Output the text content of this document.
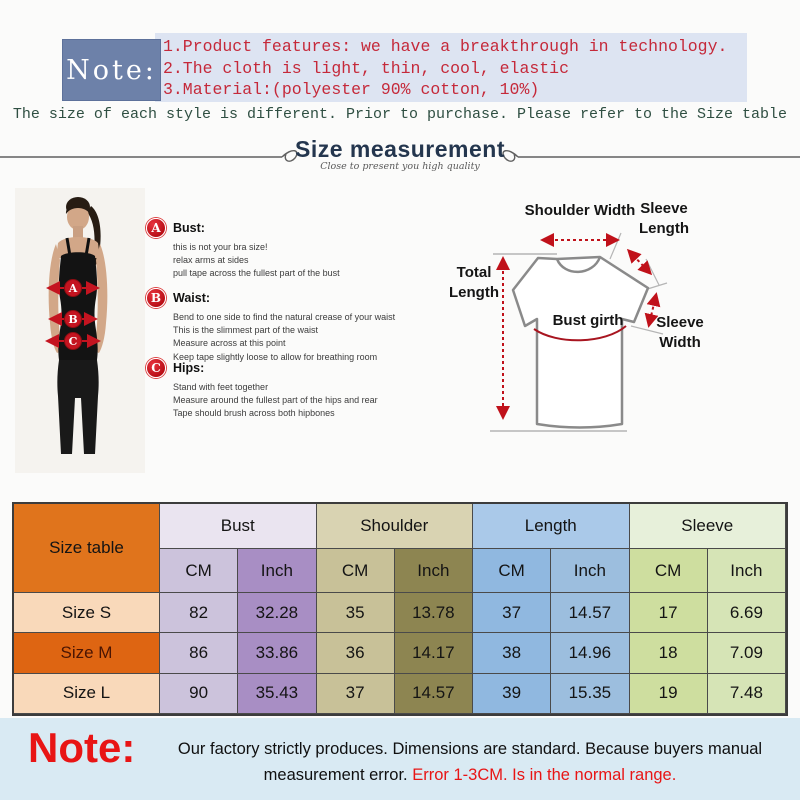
Note:
1.Product features: we have a breakthrough in technology.
2.The cloth is light, thin, cool, elastic
3.Material:(polyester 90% cotton, 10%)
The size of each style is different. Prior to purchase. Please refer to the Size table
Size measurement
Close to present you high quality
A
B
C
A Bust:
this is not your bra size!
relax arms at sides
pull tape across the fullest part of the bust
B Waist:
Bend to one side to find the natural crease of your waist
This is the slimmest part of the waist
Measure across at this point
Keep tape slightly loose to allow for breathing room
C Hips:
Stand with feet together
Measure around the fullest part of the hips and rear
Tape should brush across both hipbones
Shoulder Width Sleeve Length
Total Length
Bust girth	Sleeve Width
Size table
Bust	Shoulder	Length	Sleeve
CM	Inch	CM	Inch	CM	Inch	CM	Inch
Size S	82	32.28	35	13.78	37	14.57	17	6.69
Size M	86	33.86	36	14.17	38	14.96	18	7.09
Size L	90	35.43	37	14.57	39	15.35	19	7.48
Note:	Our factory strictly produces. Dimensions are standard. Because buyers manual measurement error. Error 1-3CM. Is in the normal range.
